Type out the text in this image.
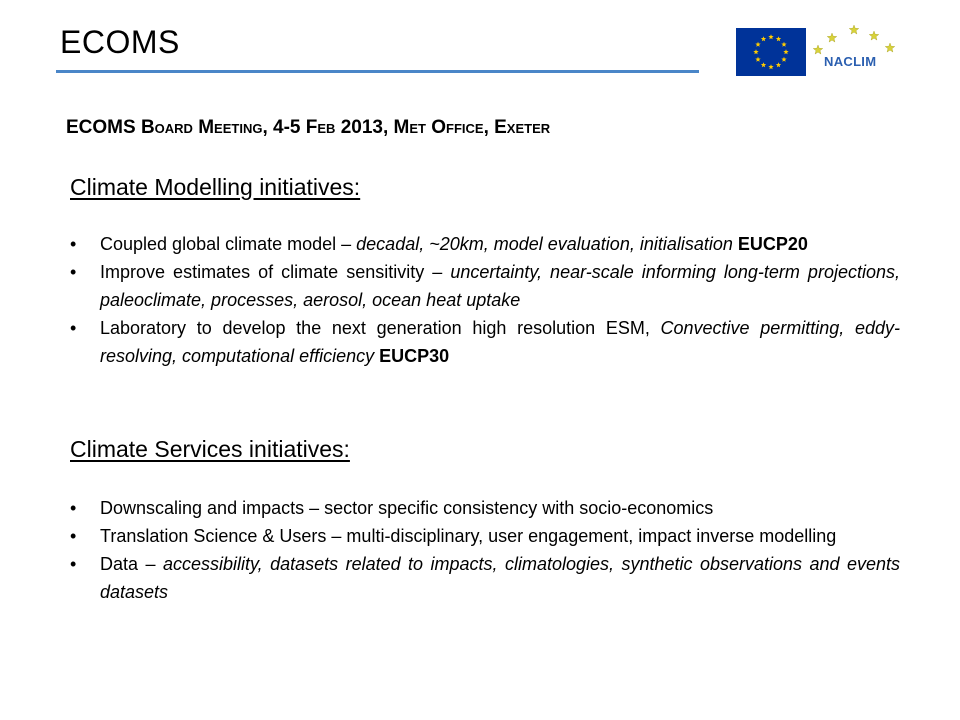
ECOMS
NACLIM
ECOMS Board Meeting, 4-5 Feb 2013, Met Office, Exeter
Climate Modelling initiatives:
• Coupled global climate model – decadal, ~20km, model evaluation, initialisation EUCP20
• Improve estimates of climate sensitivity – uncertainty, near-scale informing long-term projections, paleoclimate, processes, aerosol, ocean heat uptake
• Laboratory to develop the next generation high resolution ESM, Convective permitting, eddy-resolving, computational efficiency EUCP30
Climate Services initiatives:
• Downscaling and impacts – sector specific consistency with socio-economics
• Translation Science & Users – multi-disciplinary, user engagement, impact inverse modelling
• Data – accessibility, datasets related to impacts, climatologies, synthetic observations and events datasets
